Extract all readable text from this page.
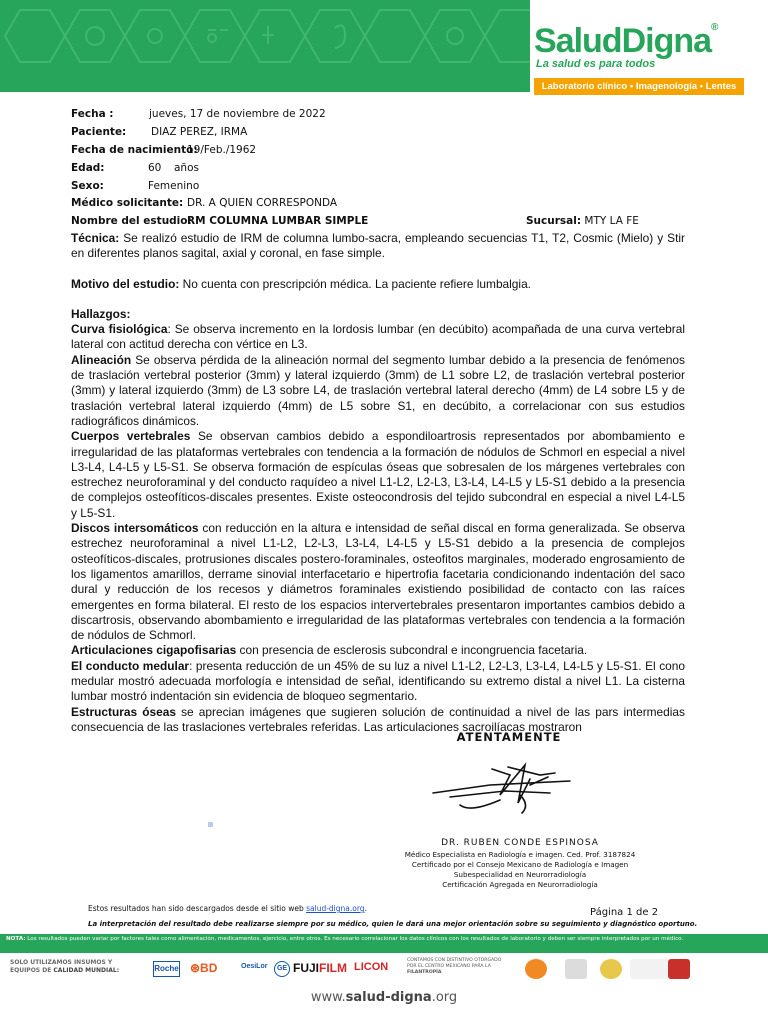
SaludDigna®
La salud es para todos
Laboratorio clínico • Imagenología • Lentes
Fecha :	jueves, 17 de noviembre de 2022
Paciente: DIAZ PEREZ, IRMA
Fecha de nacimiento:
19/Feb./1962
Edad:	60 años
Sexo:	Femenino
Médico solicitante: DR. A QUIEN CORRESPONDA
Nombre del estudio:
RM COLUMNA LUMBAR SIMPLE	Sucursal: MTY LA FE

Técnica: Se realizó estudio de IRM de columna lumbo-sacra, empleando secuencias T1, T2, Cosmic (Mielo) y Stir en diferentes planos sagital, axial y coronal, en fase simple.

Motivo del estudio: No cuenta con prescripción médica. La paciente refiere lumbalgia.

Hallazgos:

Curva fisiológica: Se observa incremento en la lordosis lumbar (en decúbito) acompañada de una curva vertebral lateral con actitud derecha con vértice en L3.

Alineación Se observa pérdida de la alineación normal del segmento lumbar debido a la presencia de fenómenos de traslación vertebral posterior (3mm) y lateral izquierdo (3mm) de L1 sobre L2, de traslación vertebral posterior (3mm) y lateral izquierdo (3mm) de L3 sobre L4, de traslación vertebral lateral derecho (4mm) de L4 sobre L5 y de traslación vertebral lateral izquierdo (4mm) de L5 sobre S1, en decúbito, a correlacionar con sus estudios radiográficos dinámicos.

Cuerpos vertebrales Se observan cambios debido a espondiloartrosis representados por abombamiento e irregularidad de las plataformas vertebrales con tendencia a la formación de nódulos de Schmorl en especial a nivel L3-L4, L4-L5 y L5-S1. Se observa formación de espículas óseas que sobresalen de los márgenes vertebrales con estrechez neuroforaminal y del conducto raquídeo a nivel L1-L2, L2-L3, L3-L4, L4-L5 y L5-S1 debido a la presencia de complejos osteofíticos-discales presentes. Existe osteocondrosis del tejido subcondral en especial a nivel L4-L5 y L5-S1.

Discos intersomáticos con reducción en la altura e intensidad de señal discal en forma generalizada. Se observa estrechez neuroforaminal a nivel L1-L2, L2-L3, L3-L4, L4-L5 y L5-S1 debido a la presencia de complejos osteofíticos-discales, protrusiones discales postero-foraminales, osteofitos marginales, moderado engrosamiento de los ligamentos amarillos, derrame sinovial interfacetario e hipertrofia facetaria condicionando indentación del saco dural y reducción de los recesos y diámetros foraminales existiendo posibilidad de contacto con las raíces emergentes en forma bilateral. El resto de los espacios intervertebrales presentaron importantes cambios debido a discartrosis, observando abombamiento e irregularidad de las plataformas vertebrales con tendencia a la formación de nódulos de Schmorl.

Articulaciones cigapofisarias con presencia de esclerosis subcondral e incongruencia facetaria.

El conducto medular: presenta reducción de un 45% de su luz a nivel L1-L2, L2-L3, L3-L4, L4-L5 y L5-S1. El cono medular mostró adecuada morfología e intensidad de señal, identificando su extremo distal a nivel L1. La cisterna lumbar mostró indentación sin evidencia de bloqueo segmentario.

Estructuras óseas se aprecian imágenes que sugieren solución de continuidad a nivel de las pars intermedias consecuencia de las traslaciones vertebrales referidas. Las articulaciones sacroilíacas mostraron

ATENTAMENTE
DR. RUBEN CONDE ESPINOSA
Médico Especialista en Radiología e imagen. Ced. Prof. 3187824
Certificado por el Consejo Mexicano de Radiología e Imagen
Subespecialidad en Neurorradiología
Certificación Agregada en Neurorradiología
Estos resultados han sido descargados desde el sitio web salud-digna.org.	Página 1 de 2
La interpretación del resultado debe realizarse siempre por su médico, quien le dará una mejor orientación sobre su seguimiento y diagnóstico oportuno.
NOTA: Los resultados pueden variar por factores tales como alimentación, medicamentos, ejercicio, entre otros. Es necesario correlacionar los datos clínicos con los resultados de laboratorio y deben ser siempre interpretados por un médico.
SOLO UTILIZAMOS INSUMOS Y
EQUIPOS DE CALIDAD MUNDIAL:	Roche ⊛BD	OesiLor	GE FUJIFILM LICON
CONTAMOS CON DISTINTIVO OTORGADO
POR EL CENTRO MEXICANO PARA LA
FILANTROPÍA
www.salud-digna.org
